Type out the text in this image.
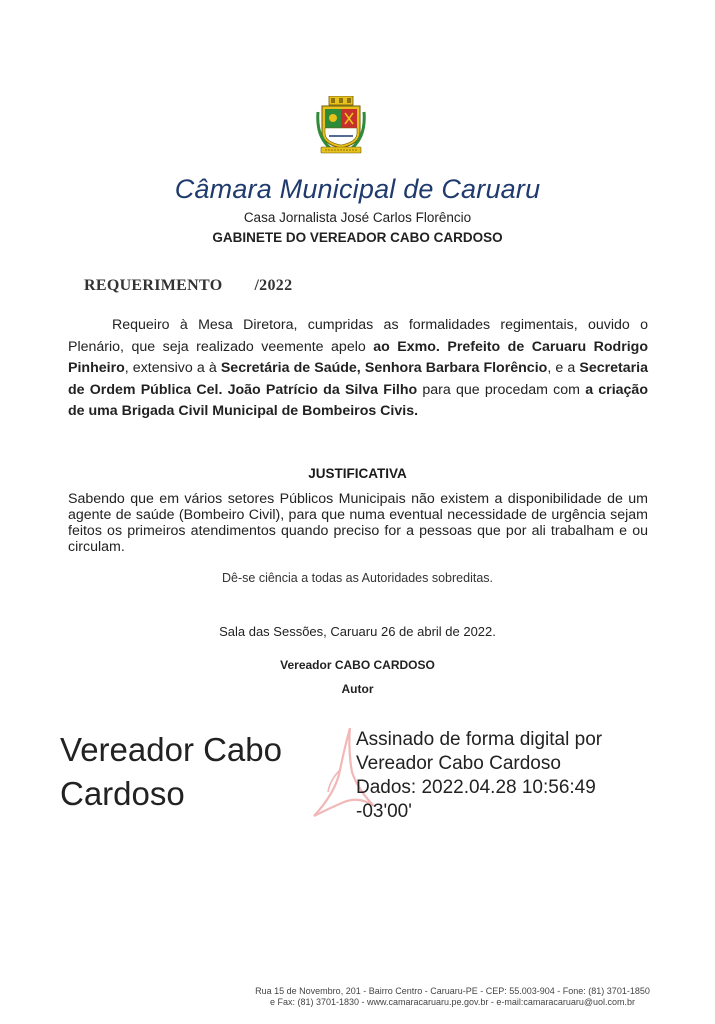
Câmara Municipal de Caruaru
Casa Jornalista José Carlos Florêncio
GABINETE DO VEREADOR CABO CARDOSO
REQUERIMENTO /2022
Requeiro à Mesa Diretora, cumpridas as formalidades regimentais, ouvido o Plenário, que seja realizado veemente apelo ao Exmo. Prefeito de Caruaru Rodrigo Pinheiro, extensivo a à Secretária de Saúde, Senhora Barbara Florêncio, e a Secretaria de Ordem Pública Cel. João Patrício da Silva Filho para que procedam com a criação de uma Brigada Civil Municipal de Bombeiros Civis.
JUSTIFICATIVA
Sabendo que em vários setores Públicos Municipais não existem a disponibilidade de um agente de saúde (Bombeiro Civil), para que numa eventual necessidade de urgência sejam feitos os primeiros atendimentos quando preciso for a pessoas que por ali trabalham e ou circulam.
Dê-se ciência a todas as Autoridades sobreditas.
Sala das Sessões, Caruaru 26 de abril de 2022.
Vereador CABO CARDOSO
Autor
Vereador Cabo
Cardoso
Assinado de forma digital por
Vereador Cabo Cardoso
Dados: 2022.04.28 10:56:49
-03'00'
Rua 15 de Novembro, 201 - Bairro Centro - Caruaru-PE - CEP: 55.003-904 - Fone: (81) 3701-1850
e Fax: (81) 3701-1830 - www.camaracaruaru.pe.gov.br - e-mail:camaracaruaru@uol.com.br
